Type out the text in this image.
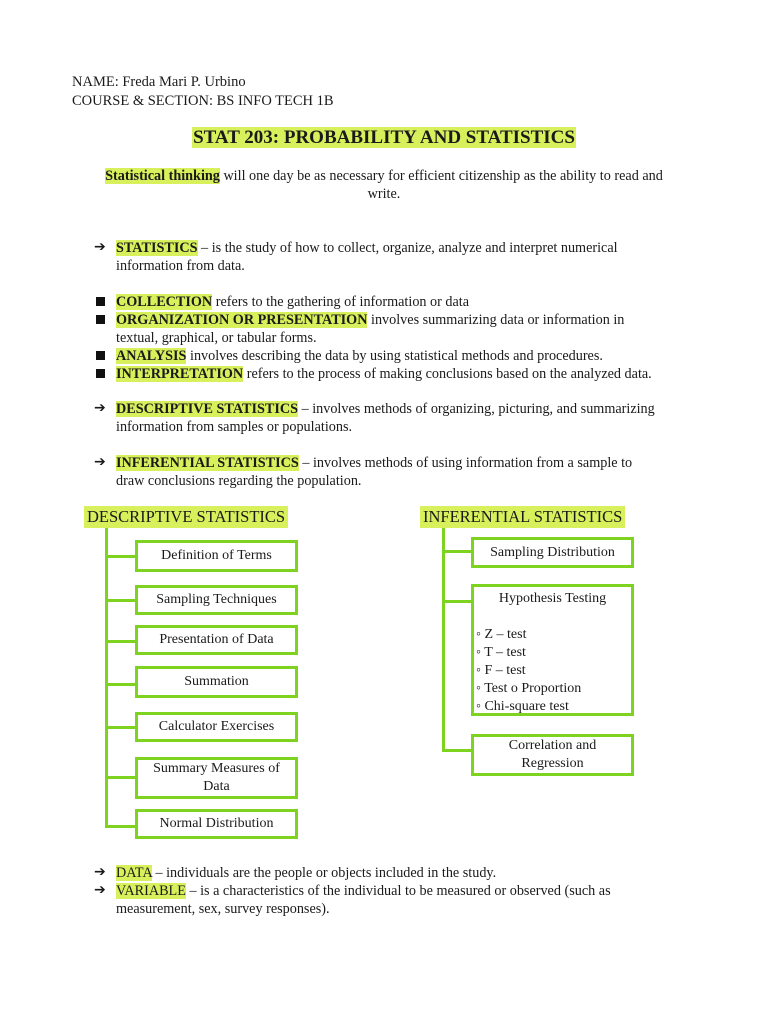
NAME: Freda Mari P. Urbino
COURSE & SECTION: BS INFO TECH 1B
STAT 203: PROBABILITY AND STATISTICS
Statistical thinking will one day be as necessary for efficient citizenship as the ability to read and
write.
➔ STATISTICS – is the study of how to collect, organize, analyze and interpret numerical
information from data.
COLLECTION refers to the gathering of information or data
ORGANIZATION OR PRESENTATION involves summarizing data or information in
textual, graphical, or tabular forms.
ANALYSIS involves describing the data by using statistical methods and procedures.
INTERPRETATION refers to the process of making conclusions based on the analyzed data.
➔ DESCRIPTIVE STATISTICS – involves methods of organizing, picturing, and summarizing
information from samples or populations.
➔ INFERENTIAL STATISTICS – involves methods of using information from a sample to
draw conclusions regarding the population.
DESCRIPTIVE STATISTICS
Definition of Terms
Sampling Techniques
Presentation of Data
Summation
Calculator Exercises
Summary Measures of Data
Normal Distribution
INFERENTIAL STATISTICS
Sampling Distribution
Hypothesis Testing
◦ Z – test
◦ T – test
◦ F – test
◦ Test o Proportion
◦ Chi-square test
Correlation and Regression
➔ DATA – individuals are the people or objects included in the study.
➔ VARIABLE – is a characteristics of the individual to be measured or observed (such as
measurement, sex, survey responses).
